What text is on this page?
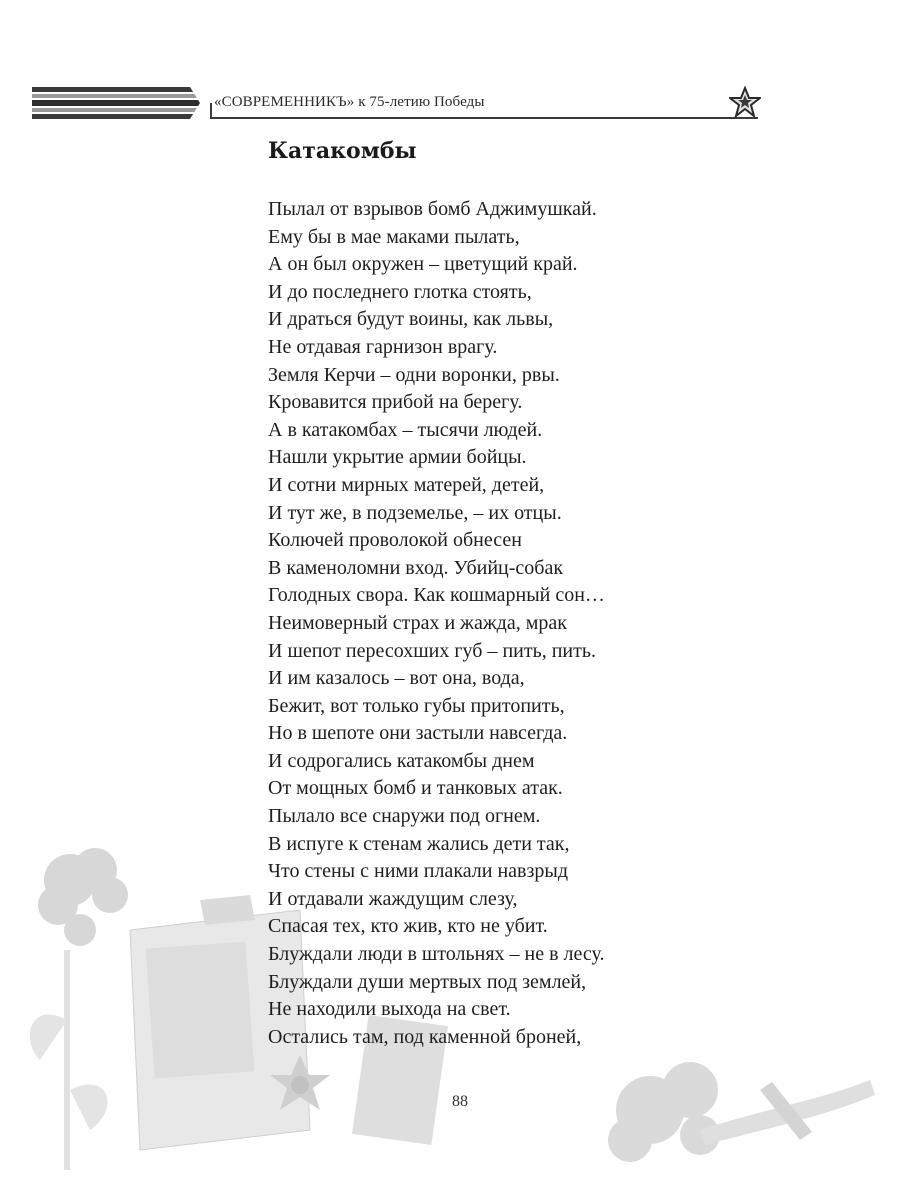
«СОВРЕМЕННИКЪ» к 75-летию Победы
Катакомбы
Пылал от взрывов бомб Аджимушкай.
Ему бы в мае маками пылать,
А он был окружен – цветущий край.
И до последнего глотка стоять,
И драться будут воины, как львы,
Не отдавая гарнизон врагу.
Земля Керчи – одни воронки, рвы.
Кровавится прибой на берегу.
А в катакомбах – тысячи людей.
Нашли укрытие армии бойцы.
И сотни мирных матерей, детей,
И тут же, в подземелье, – их отцы.
Колючей проволокой обнесен
В каменоломни вход. Убийц-собак
Голодных свора. Как кошмарный сон…
Неимоверный страх и жажда, мрак
И шепот пересохших губ – пить, пить.
И им казалось – вот она, вода,
Бежит, вот только губы притопить,
Но в шепоте они застыли навсегда.
И содрогались катакомбы днем
От мощных бомб и танковых атак.
Пылало все снаружи под огнем.
В испуге к стенам жались дети так,
Что стены с ними плакали навзрыд
И отдавали жаждущим слезу,
Спасая тех, кто жив, кто не убит.
Блуждали люди в штольнях – не в лесу.
Блуждали души мертвых под землей,
Не находили выхода на свет.
Остались там, под каменной броней,
88
